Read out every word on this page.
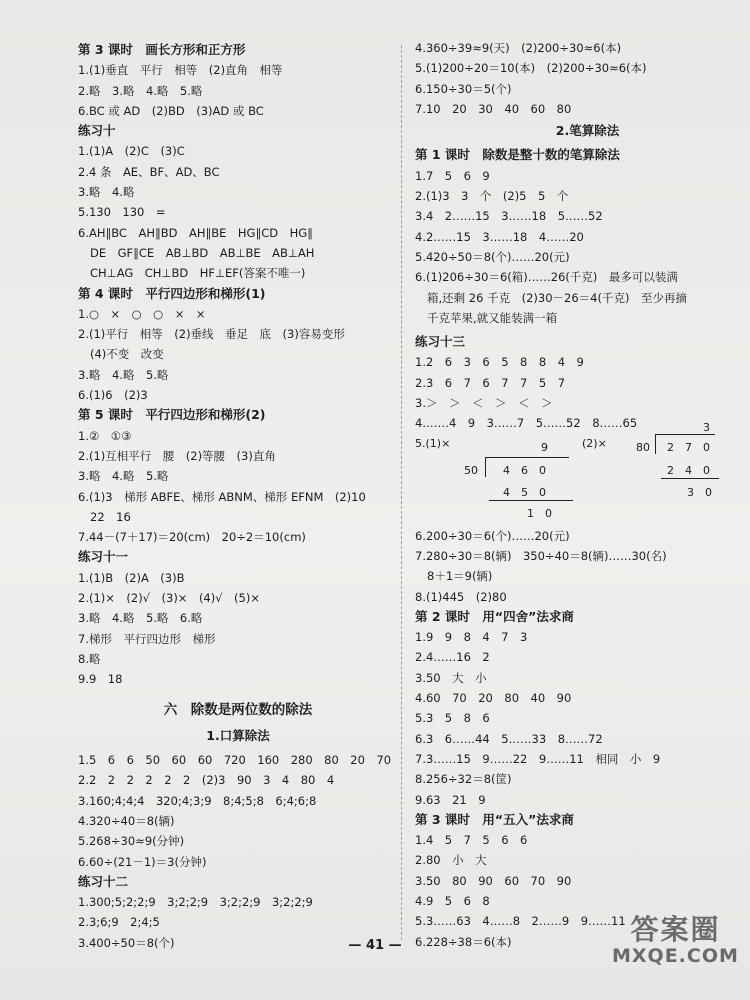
第 3 课时　画长方形和正方形
1.(1)垂直　平行　相等　(2)直角　相等
2.略　3.略　4.略　5.略
6.BC 或 AD　(2)BD　(3)AD 或 BC
练习十
1.(1)A　(2)C　(3)C
2.4 条　AE、BF、AD、BC
3.略　4.略
5.130　130　=
6.AH∥BC　AH∥BD　AH∥BE　HG∥CD　HG∥
DE　GF∥CE　AB⊥BD　AB⊥BE　AB⊥AH
CH⊥AG　CH⊥BD　HF⊥EF(答案不唯一)
第 4 课时　平行四边形和梯形(1)
1.○　×　○　○　×　×
2.(1)平行　相等　(2)垂线　垂足　底　(3)容易变形
(4)不变　改变
3.略　4.略　5.略
6.(1)6　(2)3
第 5 课时　平行四边形和梯形(2)
1.②　①③
2.(1)互相平行　腰　(2)等腰　(3)直角
3.略　4.略　5.略
6.(1)3　梯形 ABFE、梯形 ABNM、梯形 EFNM　(2)10
22　16
7.44－(7＋17)＝20(cm)　20÷2＝10(cm)
练习十一
1.(1)B　(2)A　(3)B
2.(1)×　(2)√　(3)×　(4)√　(5)×
3.略　4.略　5.略　6.略
7.梯形　平行四边形　梯形
8.略
9.9　18
六　除数是两位数的除法
1.口算除法
1.5　6　6　50　60　60　720　160　280　80　20　70
2.2　2　2　2　2　2　(2)3　90　3　4　80　4
3.160;4;4;4　320;4;3;9　8;4;5;8　6;4;6;8
4.320÷40＝8(辆)
5.268÷30≈9(分钟)
6.60÷(21－1)＝3(分钟)
练习十二
1.300;5;2;2;9　3;2;2;9　3;2;2;9　3;2;2;9
2.3;6;9　2;4;5
3.400÷50＝8(个)
4.360÷39≈9(天)　(2)200÷30≈6(本)
5.(1)200÷20＝10(本)　(2)200÷30≈6(本)
6.150÷30＝5(个)
7.10　20　30　40　60　80
2.笔算除法
第 1 课时　除数是整十数的笔算除法
1.7　5　6　9
2.(1)3　3　个　(2)5　5　个
3.4　2……15　3……18　5……52
4.2……15　3……18　4……20
5.420÷50＝8(个)……20(元)
6.(1)206÷30＝6(箱)……26(千克)　最多可以装满
箱,还剩 26 千克　(2)30－26＝4(千克)　至少再摘
千克苹果,就又能装满一箱
练习十三
1.2　6　3　6　5　8　8　4　9
2.3　6　7　6　7　7　5　7
3.＞　＞　＜　＞　＜　＞
4.……4　9　3……7　5……52　8……65
5.(1)×	(2)×
9
50 4　6　0
4　5　0
1　0
3
80 2　7　0
2　4　0
3　0
6.200÷30＝6(个)……20(元)
7.280÷30＝8(辆)　350÷40＝8(辆)……30(名)
8＋1＝9(辆)
8.(1)445　(2)80
第 2 课时　用“四舍”法求商
1.9　9　8　4　7　3
2.4……16　2
3.50　大　小
4.60　70　20　80　40　90
5.3　5　8　6
6.3　6……44　5……33　8……72
7.3……15　9……22　9……11　相同　小　9
8.256÷32＝8(筐)
9.63　21　9
第 3 课时　用“五入”法求商
1.4　5　7　5　6　6
2.80　小　大
3.50　80　90　60　70　90
4.9　5　6　8
5.3……63　4……8　2……9　9……11
6.228÷38＝6(本)
— 41 —	答案圈
MXQE.COM
